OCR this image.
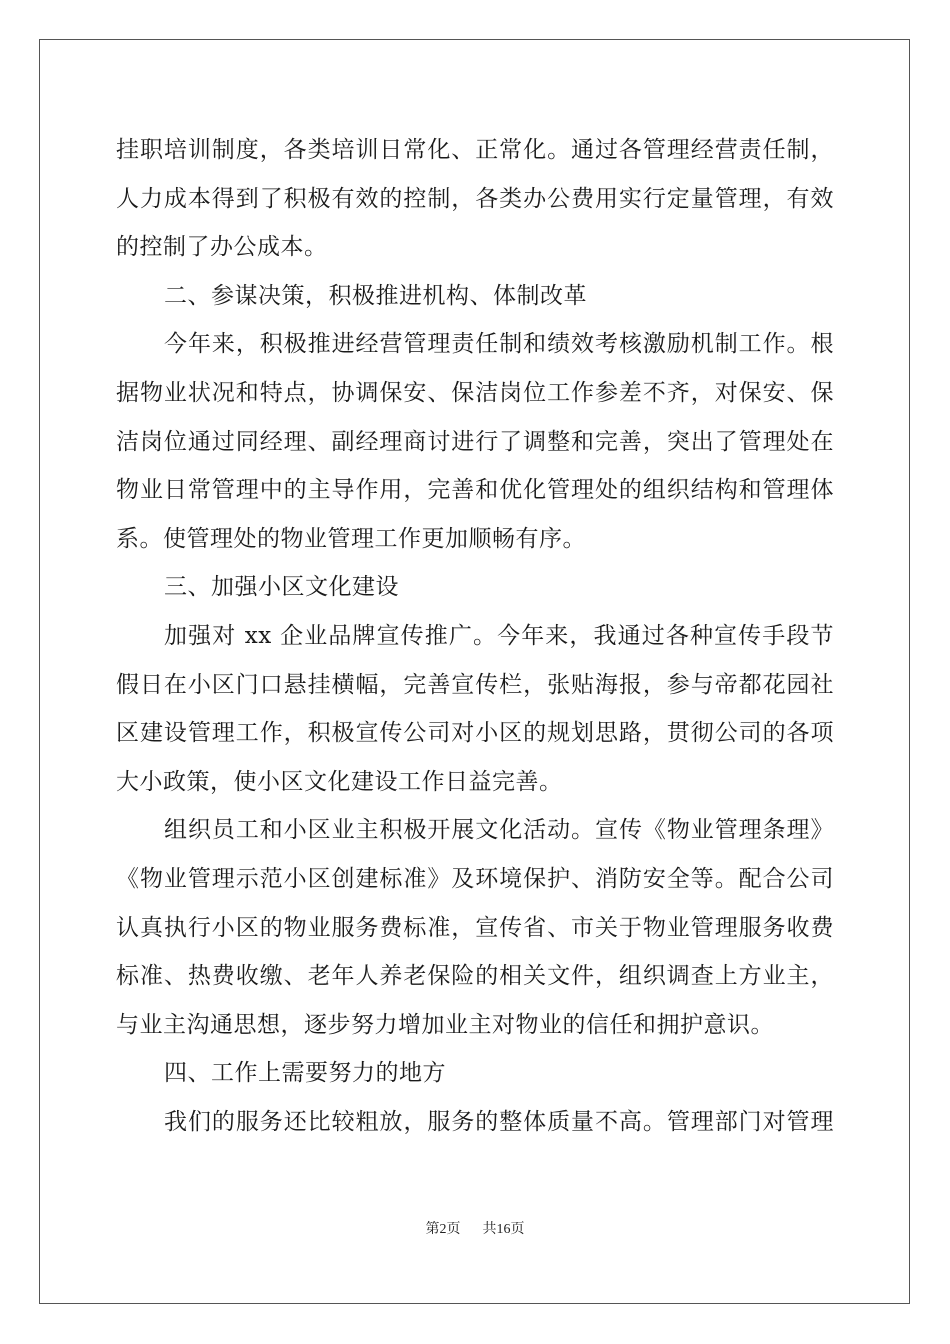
挂职培训制度，各类培训日常化、正常化。通过各管理经营责任制，
人力成本得到了积极有效的控制，各类办公费用实行定量管理，有效
的控制了办公成本。
二、参谋决策，积极推进机构、体制改革
今年来，积极推进经营管理责任制和绩效考核激励机制工作。根
据物业状况和特点，协调保安、保洁岗位工作参差不齐，对保安、保
洁岗位通过同经理、副经理商讨进行了调整和完善，突出了管理处在
物业日常管理中的主导作用，完善和优化管理处的组织结构和管理体
系。使管理处的物业管理工作更加顺畅有序。
三、加强小区文化建设
加强对 xx 企业品牌宣传推广。今年来，我通过各种宣传手段节
假日在小区门口悬挂横幅，完善宣传栏，张贴海报，参与帝都花园社
区建设管理工作，积极宣传公司对小区的规划思路，贯彻公司的各项
大小政策，使小区文化建设工作日益完善。
组织员工和小区业主积极开展文化活动。宣传《物业管理条理》
《物业管理示范小区创建标准》及环境保护、消防安全等。配合公司
认真执行小区的物业服务费标准，宣传省、市关于物业管理服务收费
标准、热费收缴、老年人养老保险的相关文件，组织调查上方业主，
与业主沟通思想，逐步努力增加业主对物业的信任和拥护意识。
四、工作上需要努力的地方
我们的服务还比较粗放，服务的整体质量不高。管理部门对管理
第2页 共16页
